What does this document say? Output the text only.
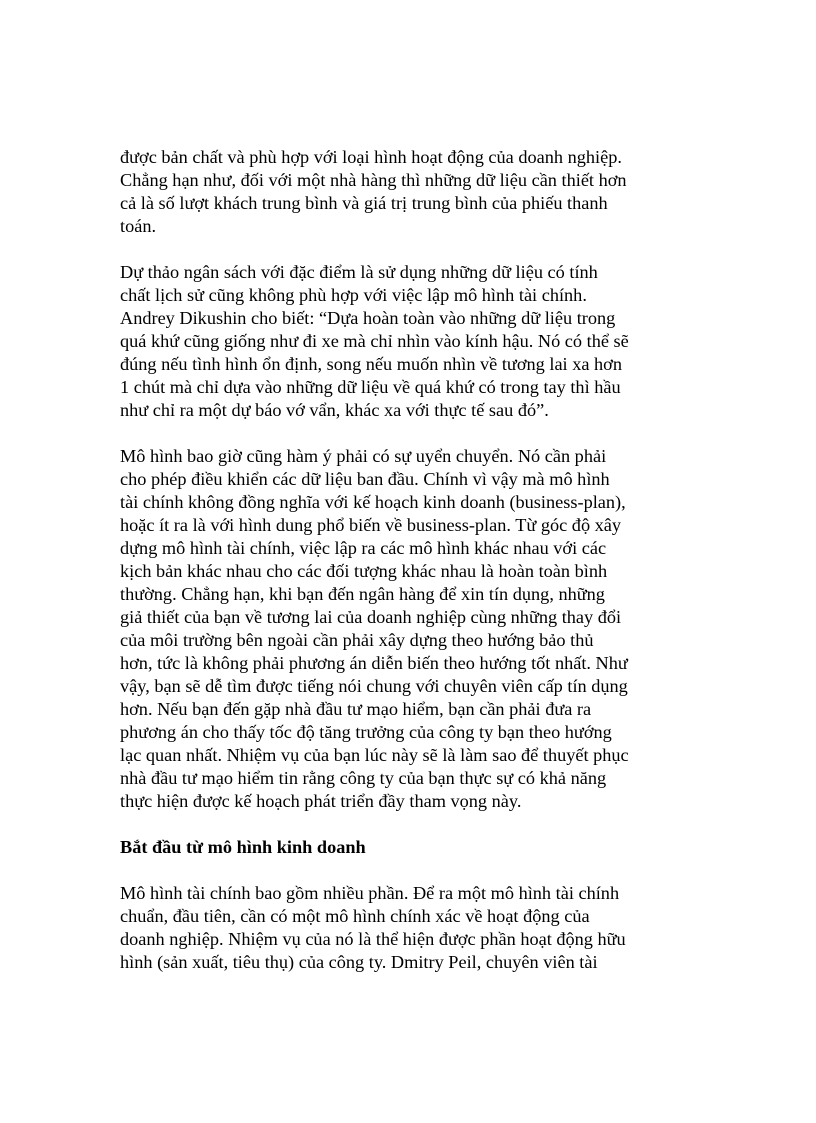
được bản chất và phù hợp với loại hình hoạt động của doanh nghiệp.
Chẳng hạn như, đối với một nhà hàng thì những dữ liệu cần thiết hơn
cả là số lượt khách trung bình và giá trị trung bình của phiếu thanh
toán.
Dự thảo ngân sách với đặc điểm là sử dụng những dữ liệu có tính
chất lịch sử cũng không phù hợp với việc lập mô hình tài chính.
Andrey Dikushin cho biết: “Dựa hoàn toàn vào những dữ liệu trong
quá khứ cũng giống như đi xe mà chỉ nhìn vào kính hậu. Nó có thể sẽ
đúng nếu tình hình ổn định, song nếu muốn nhìn về tương lai xa hơn
1 chút mà chỉ dựa vào những dữ liệu về quá khứ có trong tay thì hầu
như chỉ ra một dự báo vớ vẩn, khác xa với thực tế sau đó”.
Mô hình bao giờ cũng hàm ý phải có sự uyển chuyển. Nó cần phải
cho phép điều khiển các dữ liệu ban đầu. Chính vì vậy mà mô hình
tài chính không đồng nghĩa với kế hoạch kinh doanh (business-plan),
hoặc ít ra là với hình dung phổ biến về business-plan. Từ góc độ xây
dựng mô hình tài chính, việc lập ra các mô hình khác nhau với các
kịch bản khác nhau cho các đối tượng khác nhau là hoàn toàn bình
thường. Chẳng hạn, khi bạn đến ngân hàng để xin tín dụng, những
giả thiết của bạn về tương lai của doanh nghiệp cùng những thay đổi
của môi trường bên ngoài cần phải xây dựng theo hướng bảo thủ
hơn, tức là không phải phương án diễn biến theo hướng tốt nhất. Như
vậy, bạn sẽ dễ tìm được tiếng nói chung với chuyên viên cấp tín dụng
hơn. Nếu bạn đến gặp nhà đầu tư mạo hiểm, bạn cần phải đưa ra
phương án cho thấy tốc độ tăng trưởng của công ty bạn theo hướng
lạc quan nhất. Nhiệm vụ của bạn lúc này sẽ là làm sao để thuyết phục
nhà đầu tư mạo hiểm tin rằng công ty của bạn thực sự có khả năng
thực hiện được kế hoạch phát triển đầy tham vọng này.
Bắt đầu từ mô hình kinh doanh
Mô hình tài chính bao gồm nhiều phần. Để ra một mô hình tài chính
chuẩn, đầu tiên, cần có một mô hình chính xác về hoạt động của
doanh nghiệp. Nhiệm vụ của nó là thể hiện được phần hoạt động hữu
hình (sản xuất, tiêu thụ) của công ty. Dmitry Peil, chuyên viên tài
